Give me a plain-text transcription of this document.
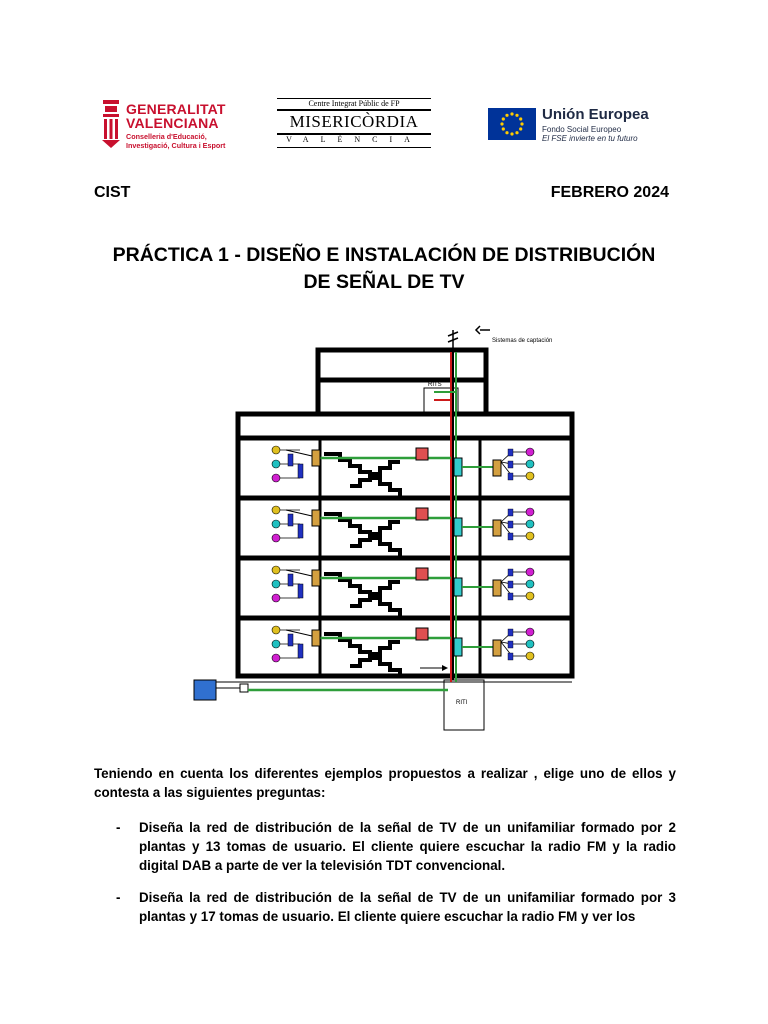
GENERALITAT
VALENCIANA
Conselleria d'Educació,
Investigació, Cultura i Esport
Centre Integrat Públic de FP
MISERICÒRDIA
VALÈNCIA
Unión Europea
Fondo Social Europeo
El FSE invierte en tu futuro
CIST	FEBRERO 2024
PRÁCTICA 1 - DISEÑO E INSTALACIÓN DE DISTRIBUCIÓN
DE SEÑAL DE TV
Sistemas de captación
RITS
RITI
Teniendo en cuenta los diferentes ejemplos propuestos a realizar , elige uno de ellos y contesta a las siguientes preguntas:
- Diseña la red de distribución de la señal de TV de un unifamiliar formado por 2 plantas y 13 tomas de usuario. El cliente quiere escuchar la radio FM y la radio digital DAB a parte de ver la televisión TDT convencional.
- Diseña la red de distribución de la señal de TV de un unifamiliar formado por 3 plantas y 17 tomas de usuario. El cliente quiere escuchar la radio FM y ver los
